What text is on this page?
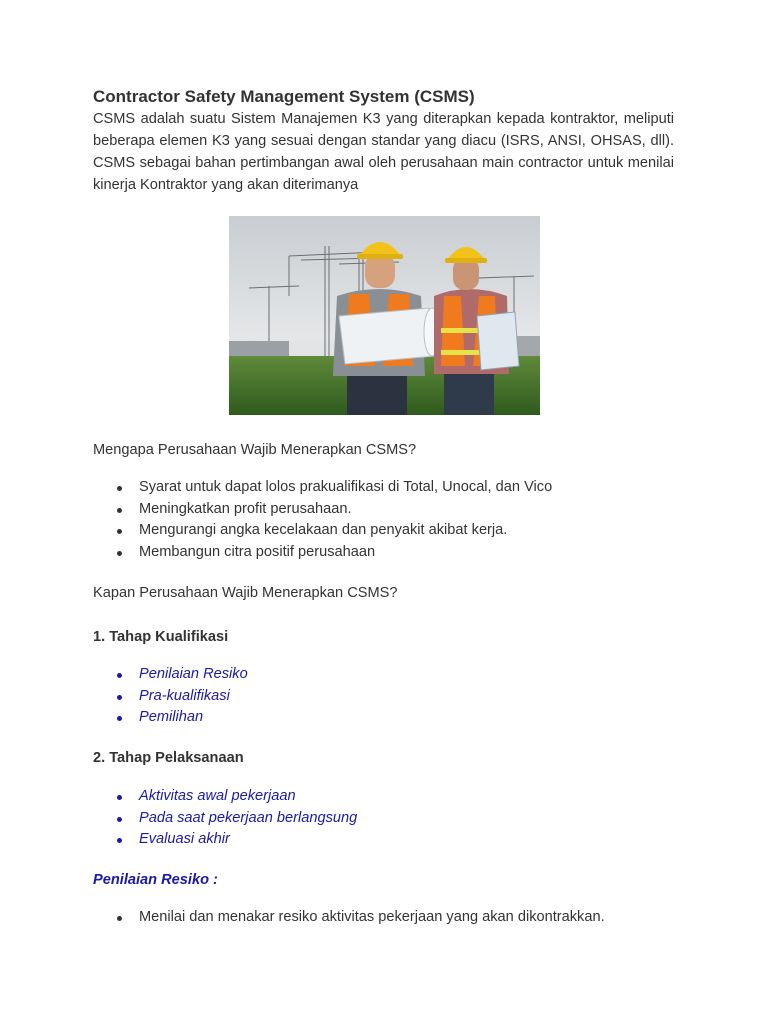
Contractor Safety Management System (CSMS)

CSMS adalah suatu Sistem Manajemen K3 yang diterapkan kepada kontraktor, meliputi beberapa elemen K3 yang sesuai dengan standar yang diacu (ISRS, ANSI, OHSAS, dll). CSMS sebagai bahan pertimbangan awal oleh perusahaan main contractor untuk menilai kinerja Kontraktor yang akan diterimanya

Mengapa Perusahaan Wajib Menerapkan CSMS?

Syarat untuk dapat lolos prakualifikasi di Total, Unocal, dan Vico
Meningkatkan profit perusahaan.
Mengurangi angka kecelakaan dan penyakit akibat kerja.
Membangun citra positif perusahaan

Kapan Perusahaan Wajib Menerapkan CSMS?

1. Tahap Kualifikasi

Penilaian Resiko
Pra-kualifikasi
Pemilihan

2. Tahap Pelaksanaan

Aktivitas awal pekerjaan
Pada saat pekerjaan berlangsung
Evaluasi akhir

Penilaian Resiko :

Menilai dan menakar resiko aktivitas pekerjaan yang akan dikontrakkan.
